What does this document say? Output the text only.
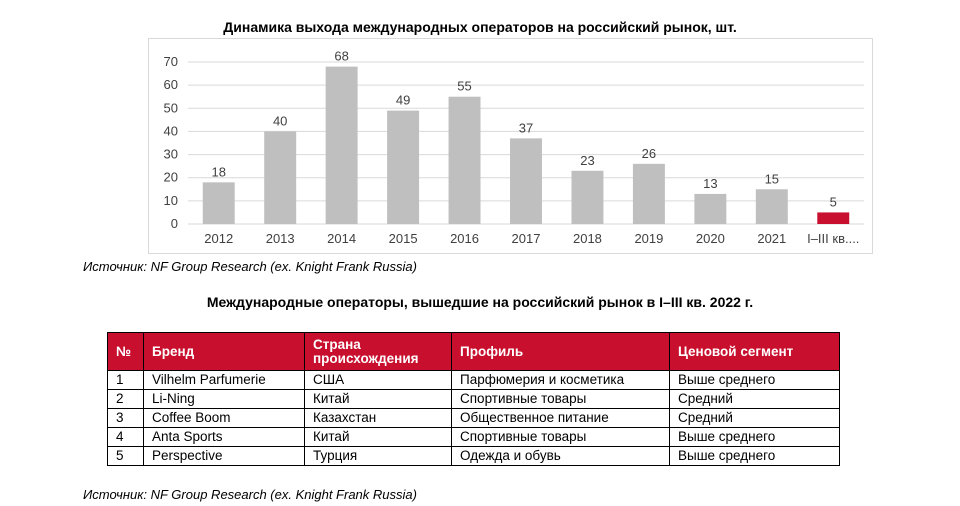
Динамика выхода международных операторов на российский рынок, шт.
0
10
20
30
40
50
60
70
18
2012
40
2013
68
2014
49
2015
55
2016
37
2017
23
2018
26
2019
13
2020
15
2021
5
I–III кв....
Источник: NF Group Research (ex. Knight Frank Russia)
Международные операторы, вышедшие на российский рынок в I–III кв. 2022 г.
№	Бренд	Страна происхождения	Профиль	Ценовой сегмент
1	Vilhelm Parfumerie	США	Парфюмерия и косметика	Выше среднего
2	Li-Ning	Китай	Спортивные товары	Средний
3	Coffee Boom	Казахстан	Общественное питание	Средний
4	Anta Sports	Китай	Спортивные товары	Выше среднего
5	Perspective	Турция	Одежда и обувь	Выше среднего
Источник: NF Group Research (ex. Knight Frank Russia)
